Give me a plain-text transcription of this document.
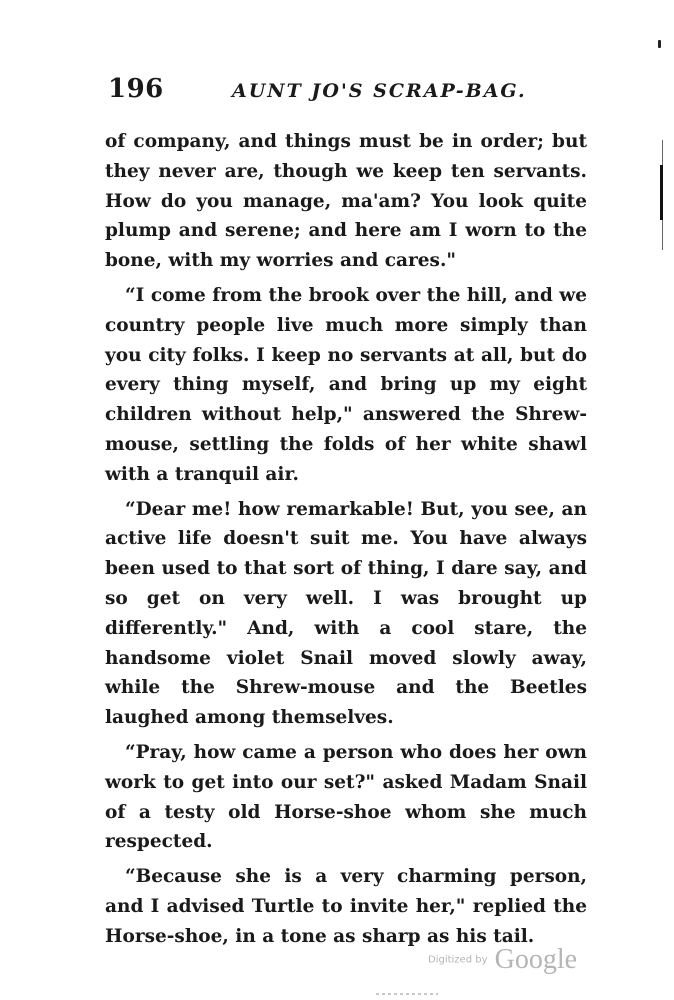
196	AUNT JO'S SCRAP-BAG.

of company, and things must be in order; but they never are, though we keep ten servants. How do you manage, ma'am? You look quite plump and serene; and here am I worn to the bone, with my worries and cares."

“I come from the brook over the hill, and we country people live much more simply than you city folks. I keep no servants at all, but do every thing myself, and bring up my eight children without help," answered the Shrew-mouse, settling the folds of her white shawl with a tranquil air.

“Dear me! how remarkable! But, you see, an active life doesn't suit me. You have always been used to that sort of thing, I dare say, and so get on very well. I was brought up differently." And, with a cool stare, the handsome violet Snail moved slowly away, while the Shrew-mouse and the Beetles laughed among themselves.

“Pray, how came a person who does her own work to get into our set?" asked Madam Snail of a testy old Horse-shoe whom she much respected.

“Because she is a very charming person, and I advised Turtle to invite her," replied the Horse-shoe, in a tone as sharp as his tail.

Digitized by Google
